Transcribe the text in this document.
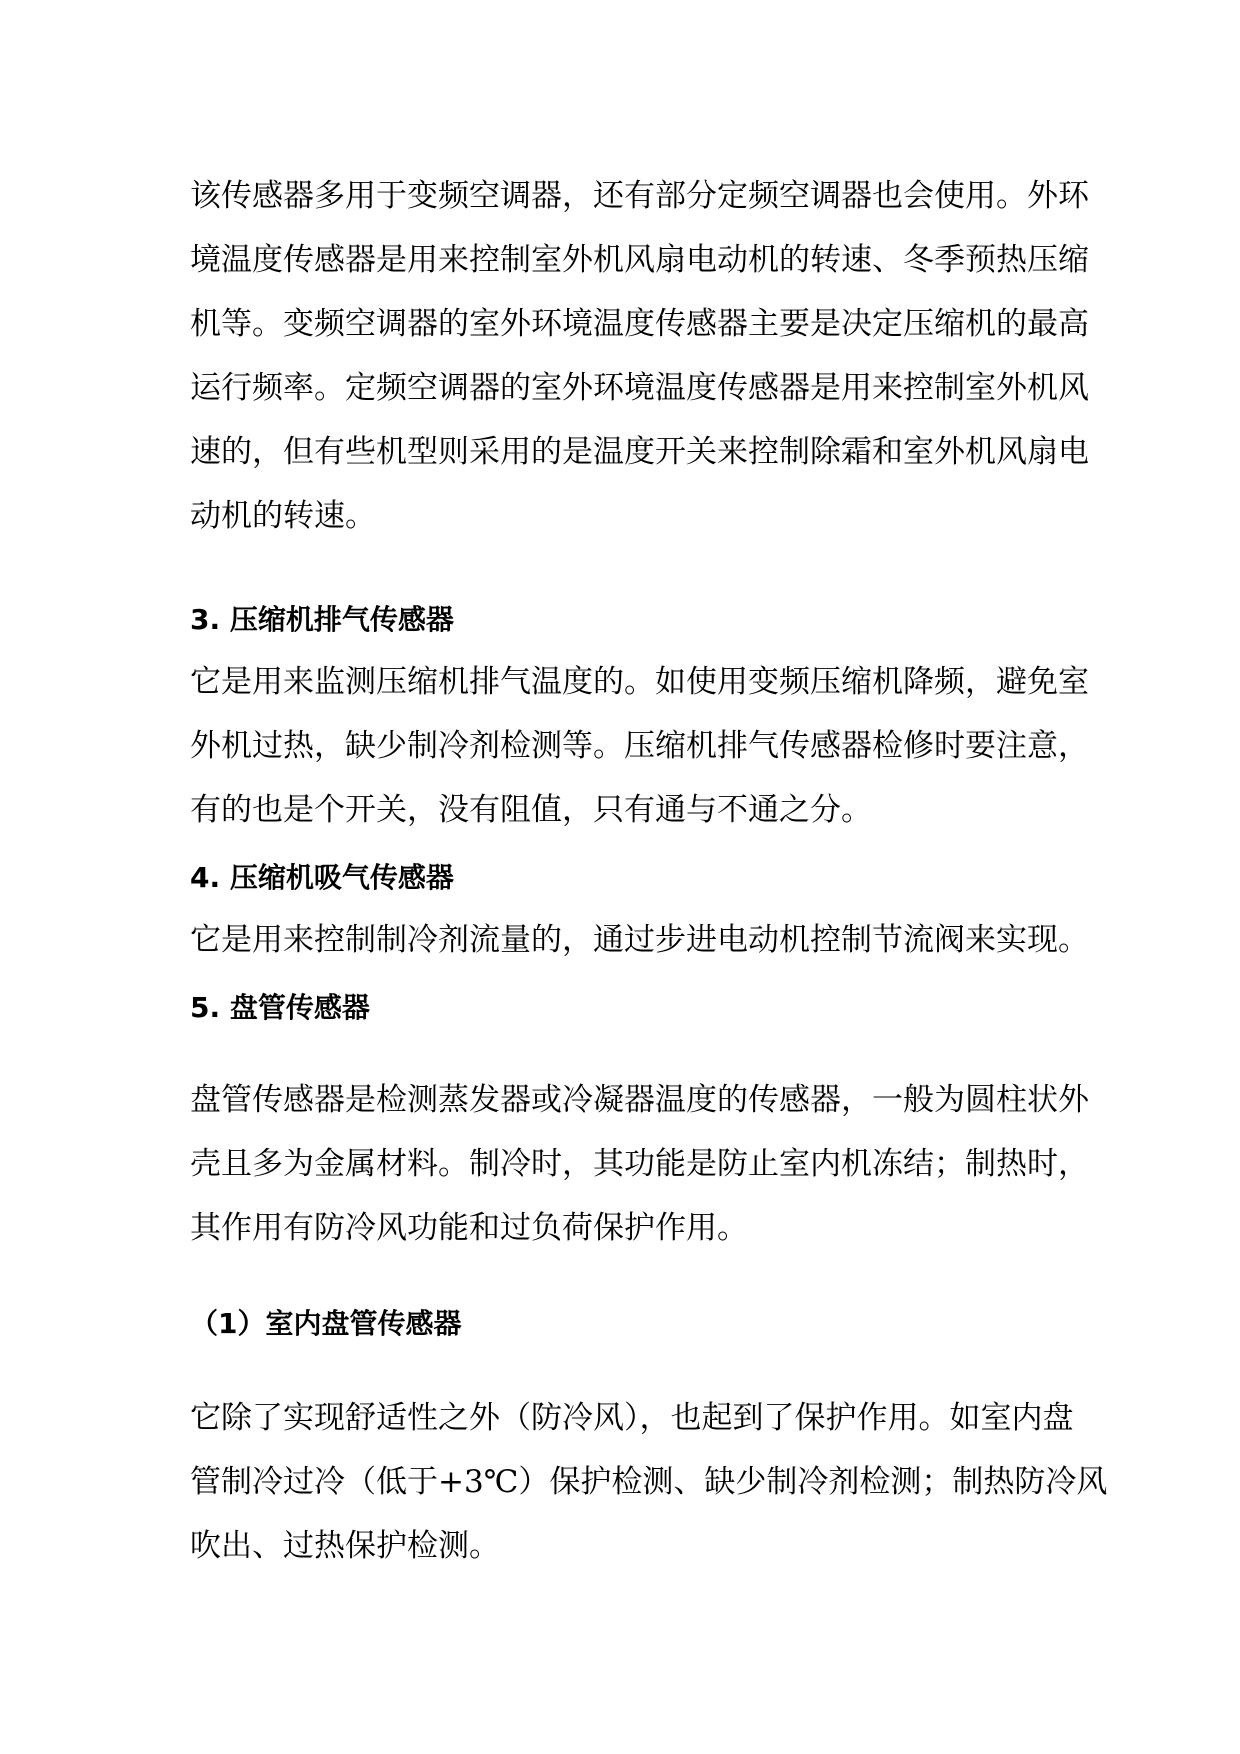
该传感器多用于变频空调器，还有部分定频空调器也会使用。外环
境温度传感器是用来控制室外机风扇电动机的转速、冬季预热压缩
机等。变频空调器的室外环境温度传感器主要是决定压缩机的最高
运行频率。定频空调器的室外环境温度传感器是用来控制室外机风
速的，但有些机型则采用的是温度开关来控制除霜和室外机风扇电
动机的转速。
3. 压缩机排气传感器
它是用来监测压缩机排气温度的。如使用变频压缩机降频，避免室
外机过热，缺少制冷剂检测等。压缩机排气传感器检修时要注意，
有的也是个开关，没有阻值，只有通与不通之分。
4. 压缩机吸气传感器
它是用来控制制冷剂流量的，通过步进电动机控制节流阀来实现。
5. 盘管传感器
盘管传感器是检测蒸发器或冷凝器温度的传感器，一般为圆柱状外
壳且多为金属材料。制冷时，其功能是防止室内机冻结；制热时，
其作用有防冷风功能和过负荷保护作用。
（1）室内盘管传感器
它除了实现舒适性之外（防冷风），也起到了保护作用。如室内盘
管制冷过冷（低于+3℃）保护检测、缺少制冷剂检测；制热防冷风
吹出、过热保护检测。
